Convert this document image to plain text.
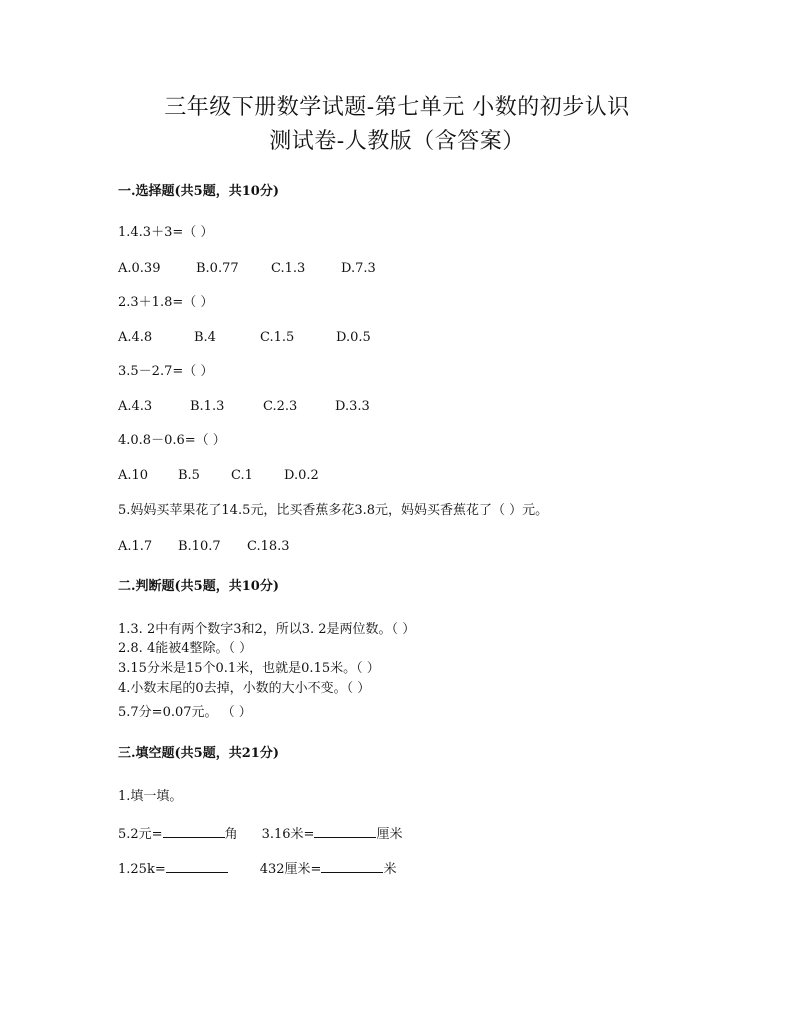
三年级下册数学试题-第七单元 小数的初步认识
测试卷-人教版（含答案）
一.选择题(共5题，共10分)
1.4.3＋3=（ ）
A.0.39	B.0.77 C.1.3	D.7.3
2.3＋1.8=（ ）
A.4.8	B.4	C.1.5	D.0.5
3.5－2.7=（ ）
A.4.3	B.1.3	C.2.3	D.3.3
4.0.8－0.6=（ ）
A.10 B.5 C.1 D.0.2
5.妈妈买苹果花了14.5元，比买香蕉多花3.8元，妈妈买香蕉花了（ ）元。
A.1.7 B.10.7 C.18.3
二.判断题(共5题，共10分)
1.3. 2中有两个数字3和2，所以3. 2是两位数。（ ）
2.8. 4能被4整除。（ ）
3.15分米是15个0.1米，也就是0.15米。（ ）
4.小数末尾的0去掉，小数的大小不变。（ ）
5.7分=0.07元。 （ ）
三.填空题(共5题，共21分)
1.填一填。
5.2元=	角 3.16米=	厘米
1.25k=	432厘米=	米
